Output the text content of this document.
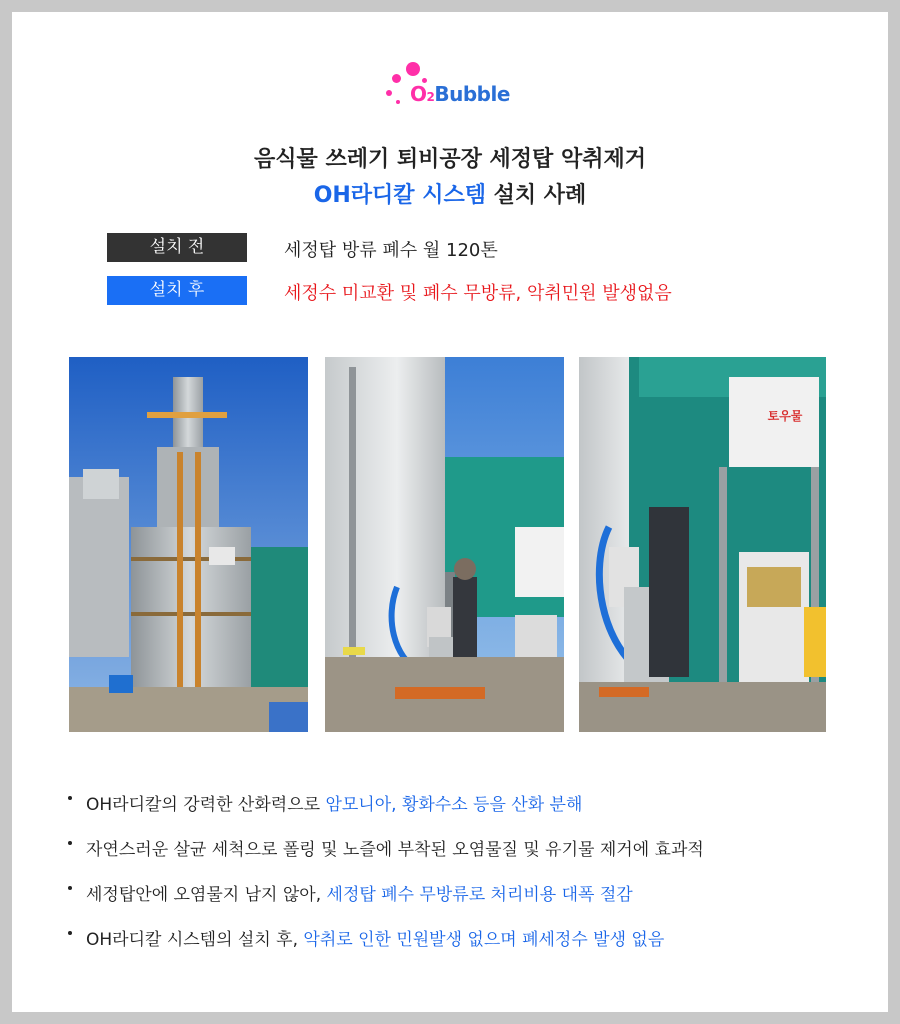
O2Bubble
음식물 쓰레기 퇴비공장 세정탑 악취제거
OH라디칼 시스템 설치 사례
설치 전	세정탑 방류 폐수 월 120톤
설치 후	세정수 미교환 및 폐수 무방류, 악취민원 발생없음
토우물
OH라디칼의 강력한 산화력으로 암모니아, 황화수소 등을 산화 분해
자연스러운 살균 세척으로 폴링 및 노즐에 부착된 오염물질 및 유기물 제거에 효과적
세정탑안에 오염물지 남지 않아, 세정탑 폐수 무방류로 처리비용 대폭 절감
OH라디칼 시스템의 설치 후, 악취로 인한 민원발생 없으며 폐세정수 발생 없음
